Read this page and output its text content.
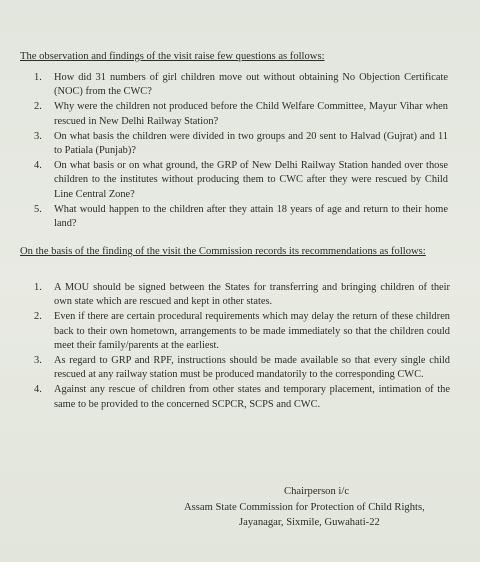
The observation and findings of the visit raise few questions as follows:

1. How did 31 numbers of girl children move out without obtaining No Objection Certificate (NOC) from the CWC?
2. Why were the children not produced before the Child Welfare Committee, Mayur Vihar when rescued in New Delhi Railway Station?
3. On what basis the children were divided in two groups and 20 sent to Halvad (Gujrat) and 11 to Patiala (Punjab)?
4. On what basis or on what ground, the GRP of New Delhi Railway Station handed over those children to the institutes without producing them to CWC after they were rescued by Child Line Central Zone?
5. What would happen to the children after they attain 18 years of age and return to their home land?

On the basis of the finding of the visit the Commission records its recommendations as follows:

1. A MOU should be signed between the States for transferring and bringing children of their own state which are rescued and kept in other states.
2. Even if there are certain procedural requirements which may delay the return of these children back to their own hometown, arrangements to be made immediately so that the children could meet their family/parents at the earliest.
3. As regard to GRP and RPF, instructions should be made available so that every single child rescued at any railway station must be produced mandatorily to the corresponding CWC.
4. Against any rescue of children from other states and temporary placement, intimation of the same to be provided to the concerned SCPCR, SCPS and CWC.
Chairperson i/c
Assam State Commission for Protection of Child Rights,
Jayanagar, Sixmile, Guwahati-22
